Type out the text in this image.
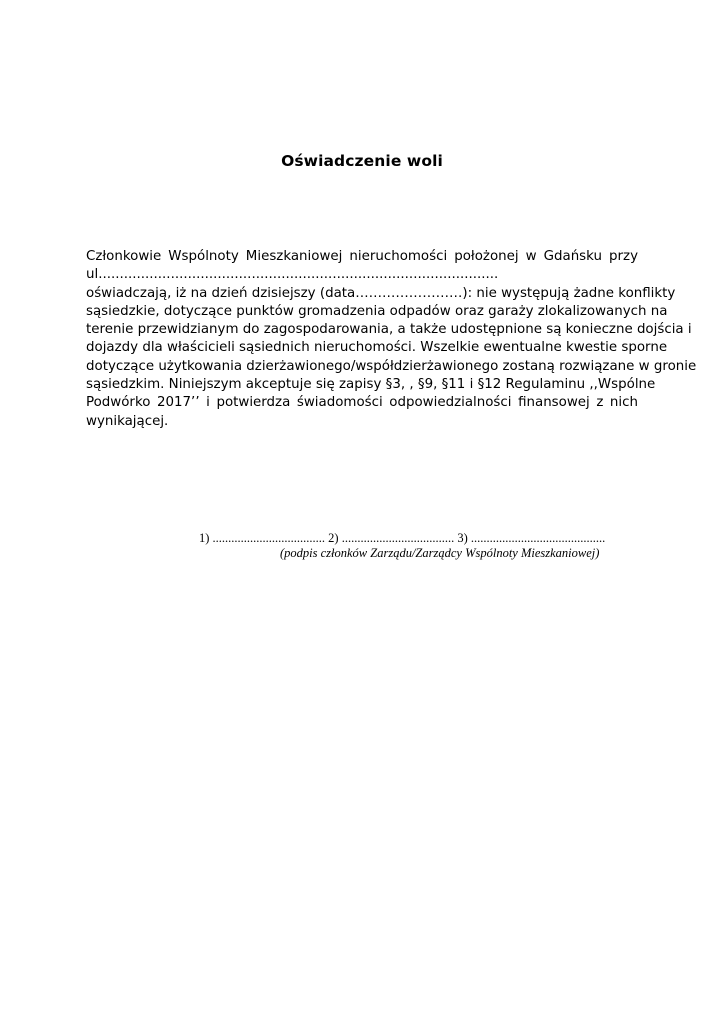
Oświadczenie woli
Członkowie Wspólnoty Mieszkaniowej nieruchomości położonej w Gdańsku przy
ul..............................................................................................
oświadczają, iż na dzień dzisiejszy (data……………………): nie występują żadne konflikty
sąsiedzkie, dotyczące punktów gromadzenia odpadów oraz garaży zlokalizowanych na
terenie przewidzianym do zagospodarowania, a także udostępnione są konieczne dojścia i
dojazdy dla właścicieli sąsiednich nieruchomości. Wszelkie ewentualne kwestie sporne
dotyczące użytkowania dzierżawionego/współdzierżawionego zostaną rozwiązane w gronie
sąsiedzkim. Niniejszym akceptuje się zapisy §3, , §9, §11 i §12 Regulaminu ,,Wspólne
Podwórko 2017’’ i potwierdza świadomości odpowiedzialności finansowej z nich
wynikającej.
1) .................................... 2) .................................... 3) ...........................................
(podpis członków Zarządu/Zarządcy Wspólnoty Mieszkaniowej)
